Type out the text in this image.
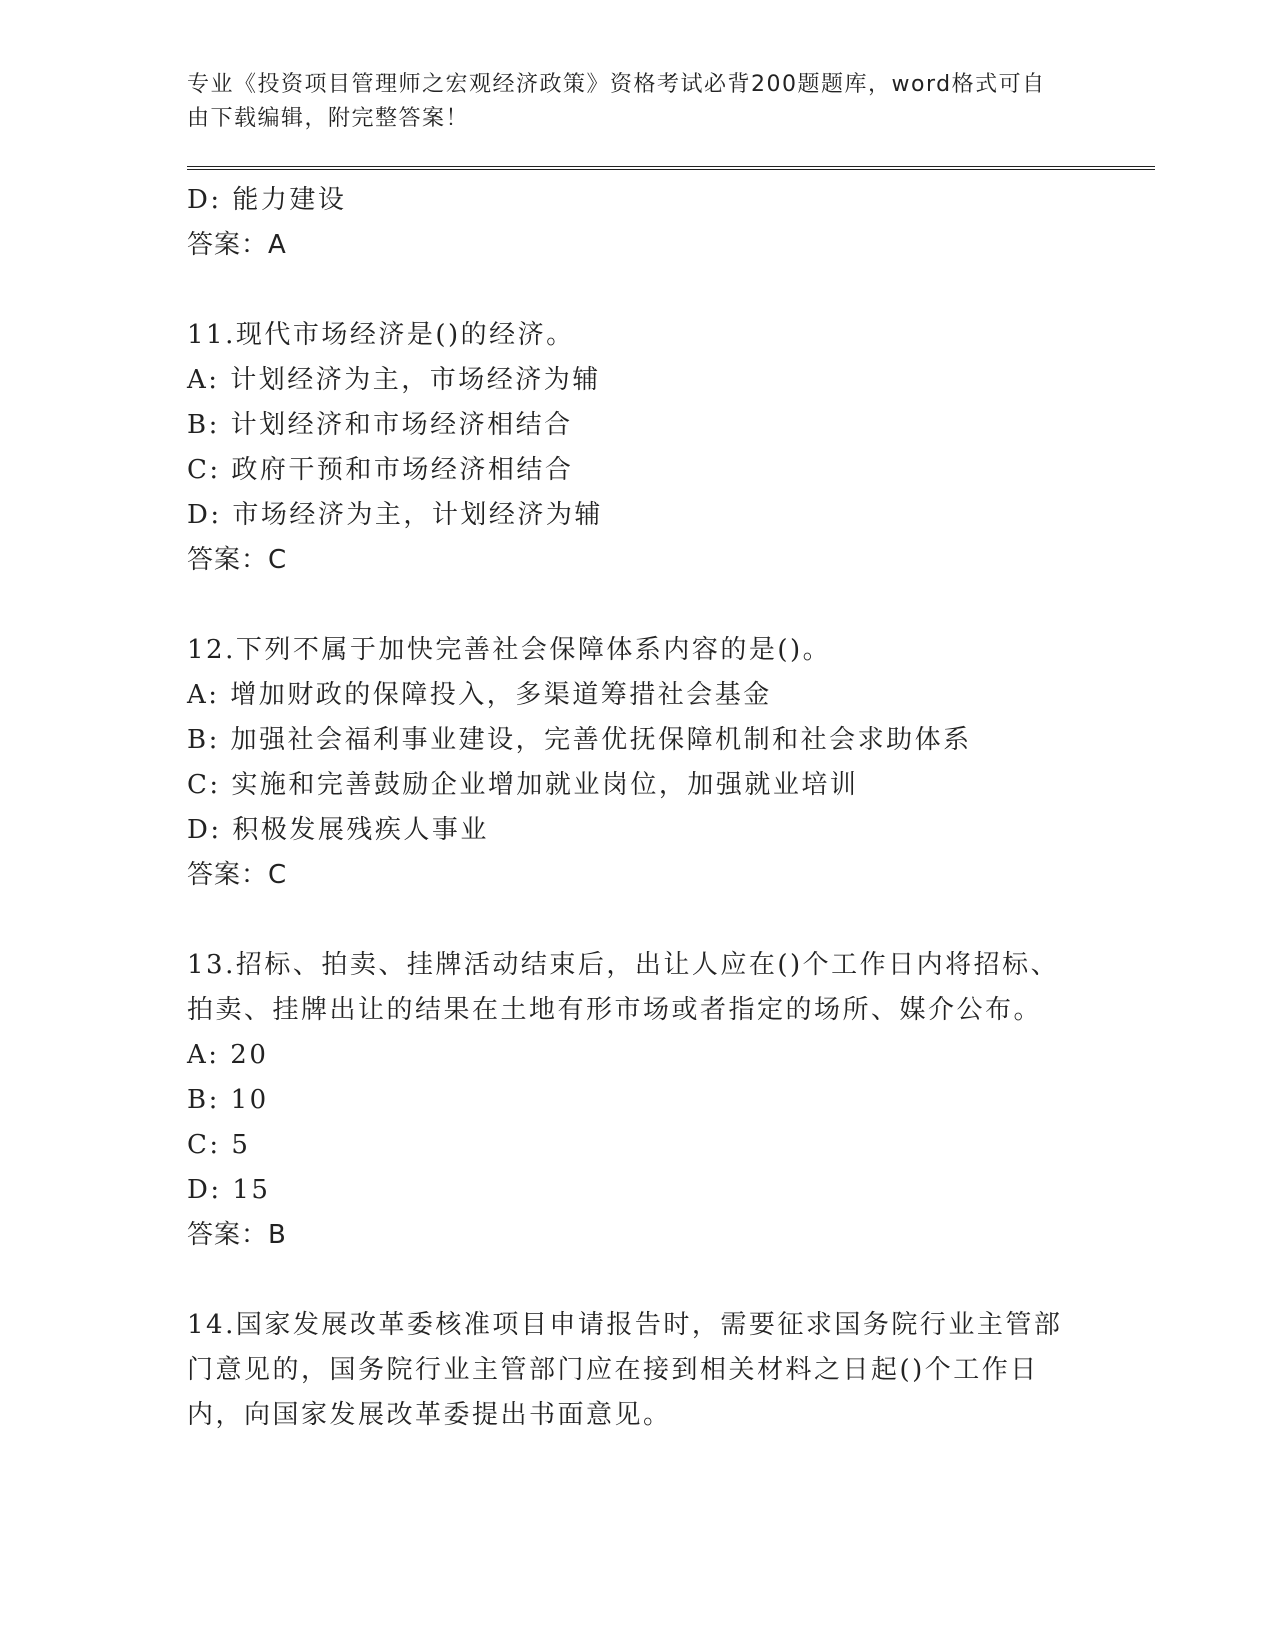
专业《投资项目管理师之宏观经济政策》资格考试必背200题题库，word格式可自由下载编辑，附完整答案！

D: 能力建设

答案：A

11.现代市场经济是()的经济。

A: 计划经济为主，市场经济为辅

B: 计划经济和市场经济相结合

C: 政府干预和市场经济相结合

D: 市场经济为主，计划经济为辅

答案：C

12.下列不属于加快完善社会保障体系内容的是()。

A: 增加财政的保障投入，多渠道筹措社会基金

B: 加强社会福利事业建设，完善优抚保障机制和社会求助体系

C: 实施和完善鼓励企业增加就业岗位，加强就业培训

D: 积极发展残疾人事业

答案：C

13.招标、拍卖、挂牌活动结束后，出让人应在()个工作日内将招标、拍卖、挂牌出让的结果在土地有形市场或者指定的场所、媒介公布。

A: 20

B: 10

C: 5

D: 15

答案：B

14.国家发展改革委核准项目申请报告时，需要征求国务院行业主管部门意见的，国务院行业主管部门应在接到相关材料之日起()个工作日内，向国家发展改革委提出书面意见。
